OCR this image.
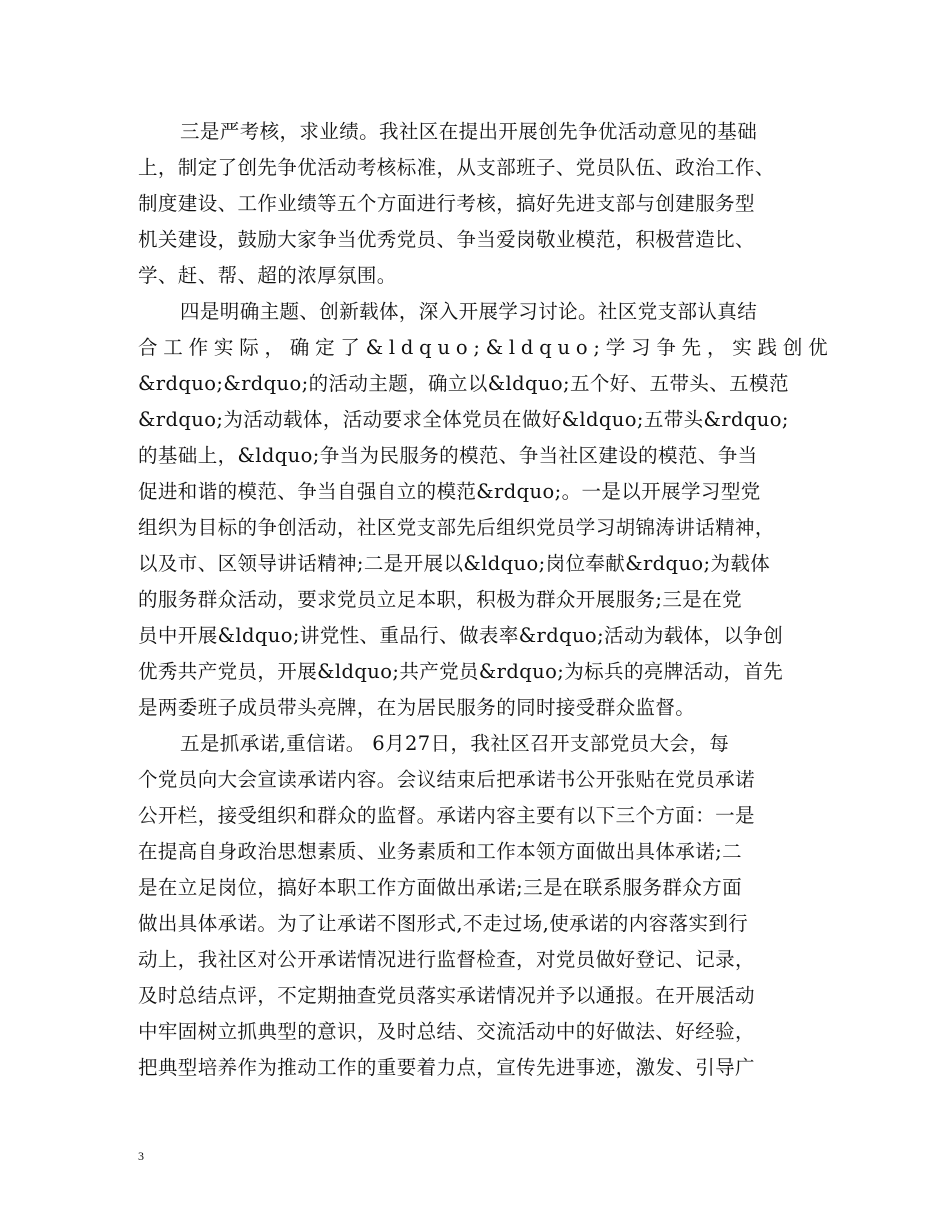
三是严考核，求业绩。我社区在提出开展创先争优活动意见的基础
上，制定了创先争优活动考核标准，从支部班子、党员队伍、政治工作、
制度建设、工作业绩等五个方面进行考核，搞好先进支部与创建服务型
机关建设，鼓励大家争当优秀党员、争当爱岗敬业模范，积极营造比、
学、赶、帮、超的浓厚氛围。
四是明确主题、创新载体，深入开展学习讨论。社区党支部认真结
合工作实际，确定了&ldquo;&ldquo;学习争先，实践创优
&rdquo;&rdquo;的活动主题，确立以&ldquo;五个好、五带头、五模范
&rdquo;为活动载体，活动要求全体党员在做好&ldquo;五带头&rdquo;
的基础上，&ldquo;争当为民服务的模范、争当社区建设的模范、争当
促进和谐的模范、争当自强自立的模范&rdquo;。一是以开展学习型党
组织为目标的争创活动，社区党支部先后组织党员学习胡锦涛讲话精神，
以及市、区领导讲话精神;二是开展以&ldquo;岗位奉献&rdquo;为载体
的服务群众活动，要求党员立足本职，积极为群众开展服务;三是在党
员中开展&ldquo;讲党性、重品行、做表率&rdquo;活动为载体，以争创
优秀共产党员，开展&ldquo;共产党员&rdquo;为标兵的亮牌活动，首先
是两委班子成员带头亮牌，在为居民服务的同时接受群众监督。
五是抓承诺,重信诺。 6月27日，我社区召开支部党员大会，每
个党员向大会宣读承诺内容。会议结束后把承诺书公开张贴在党员承诺
公开栏，接受组织和群众的监督。承诺内容主要有以下三个方面：一是
在提高自身政治思想素质、业务素质和工作本领方面做出具体承诺;二
是在立足岗位，搞好本职工作方面做出承诺;三是在联系服务群众方面
做出具体承诺。为了让承诺不图形式,不走过场,使承诺的内容落实到行
动上，我社区对公开承诺情况进行监督检查，对党员做好登记、记录，
及时总结点评，不定期抽查党员落实承诺情况并予以通报。在开展活动
中牢固树立抓典型的意识，及时总结、交流活动中的好做法、好经验，
把典型培养作为推动工作的重要着力点，宣传先进事迹，激发、引导广
3
